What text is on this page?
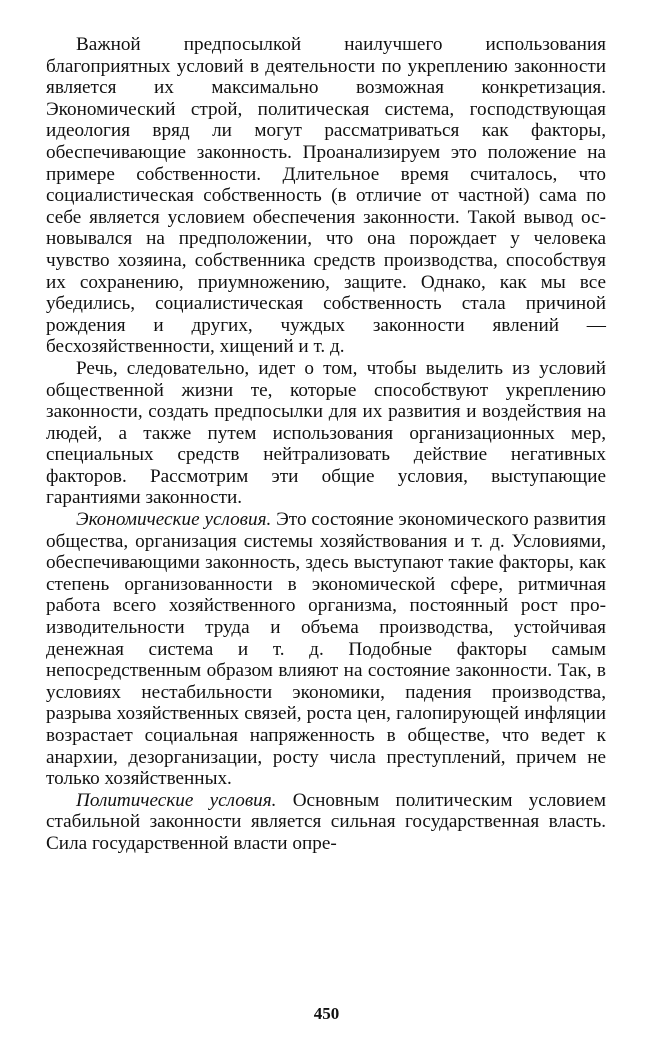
Важной предпосылкой наилучшего использования благоприятных условий в деятельности по укреплению законности является их максимально возможная конкретизация. Экономический строй, политическая система, господствующая идеология вряд ли могут рассматриваться как факторы, обеспечивающие законность. Проанализируем это положение на примере собственности. Длительное время считалось, что социалистическая собственность (в отличие от частной) сама по себе является условием обеспечения законности. Такой вывод основывался на предположении, что она порождает у человека чувство хозяина, собственника средств производства, способствуя их сохранению, приумножению, защите. Однако, как мы все убедились, социалистическая собственность стала причиной рождения и других, чуждых законности явлений — бесхозяйственности, хищений и т. д.

Речь, следовательно, идет о том, чтобы выделить из условий общественной жизни те, которые способствуют укреплению законности, создать предпосылки для их развития и воздействия на людей, а также путем использования организационных мер, специальных средств нейтрализовать действие негативных факторов. Рассмотрим эти общие условия, выступающие гарантиями законности.

Экономические условия. Это состояние экономического развития общества, организация системы хозяйствования и т. д. Условиями, обеспечивающими законность, здесь выступают такие факторы, как степень организованности в экономической сфере, ритмичная работа всего хозяйственного организма, постоянный рост производительности труда и объема производства, устойчивая денежная система и т. д. Подобные факторы самым непосредственным образом влияют на состояние законности. Так, в условиях нестабильности экономики, падения производства, разрыва хозяйственных связей, роста цен, галопирующей инфляции возрастает социальная напряженность в обществе, что ведет к анархии, дезорганизации, росту числа преступлений, причем не только хозяйственных.

Политические условия. Основным политическим условием стабильной законности является сильная государственная власть. Сила государственной власти опре-

450
